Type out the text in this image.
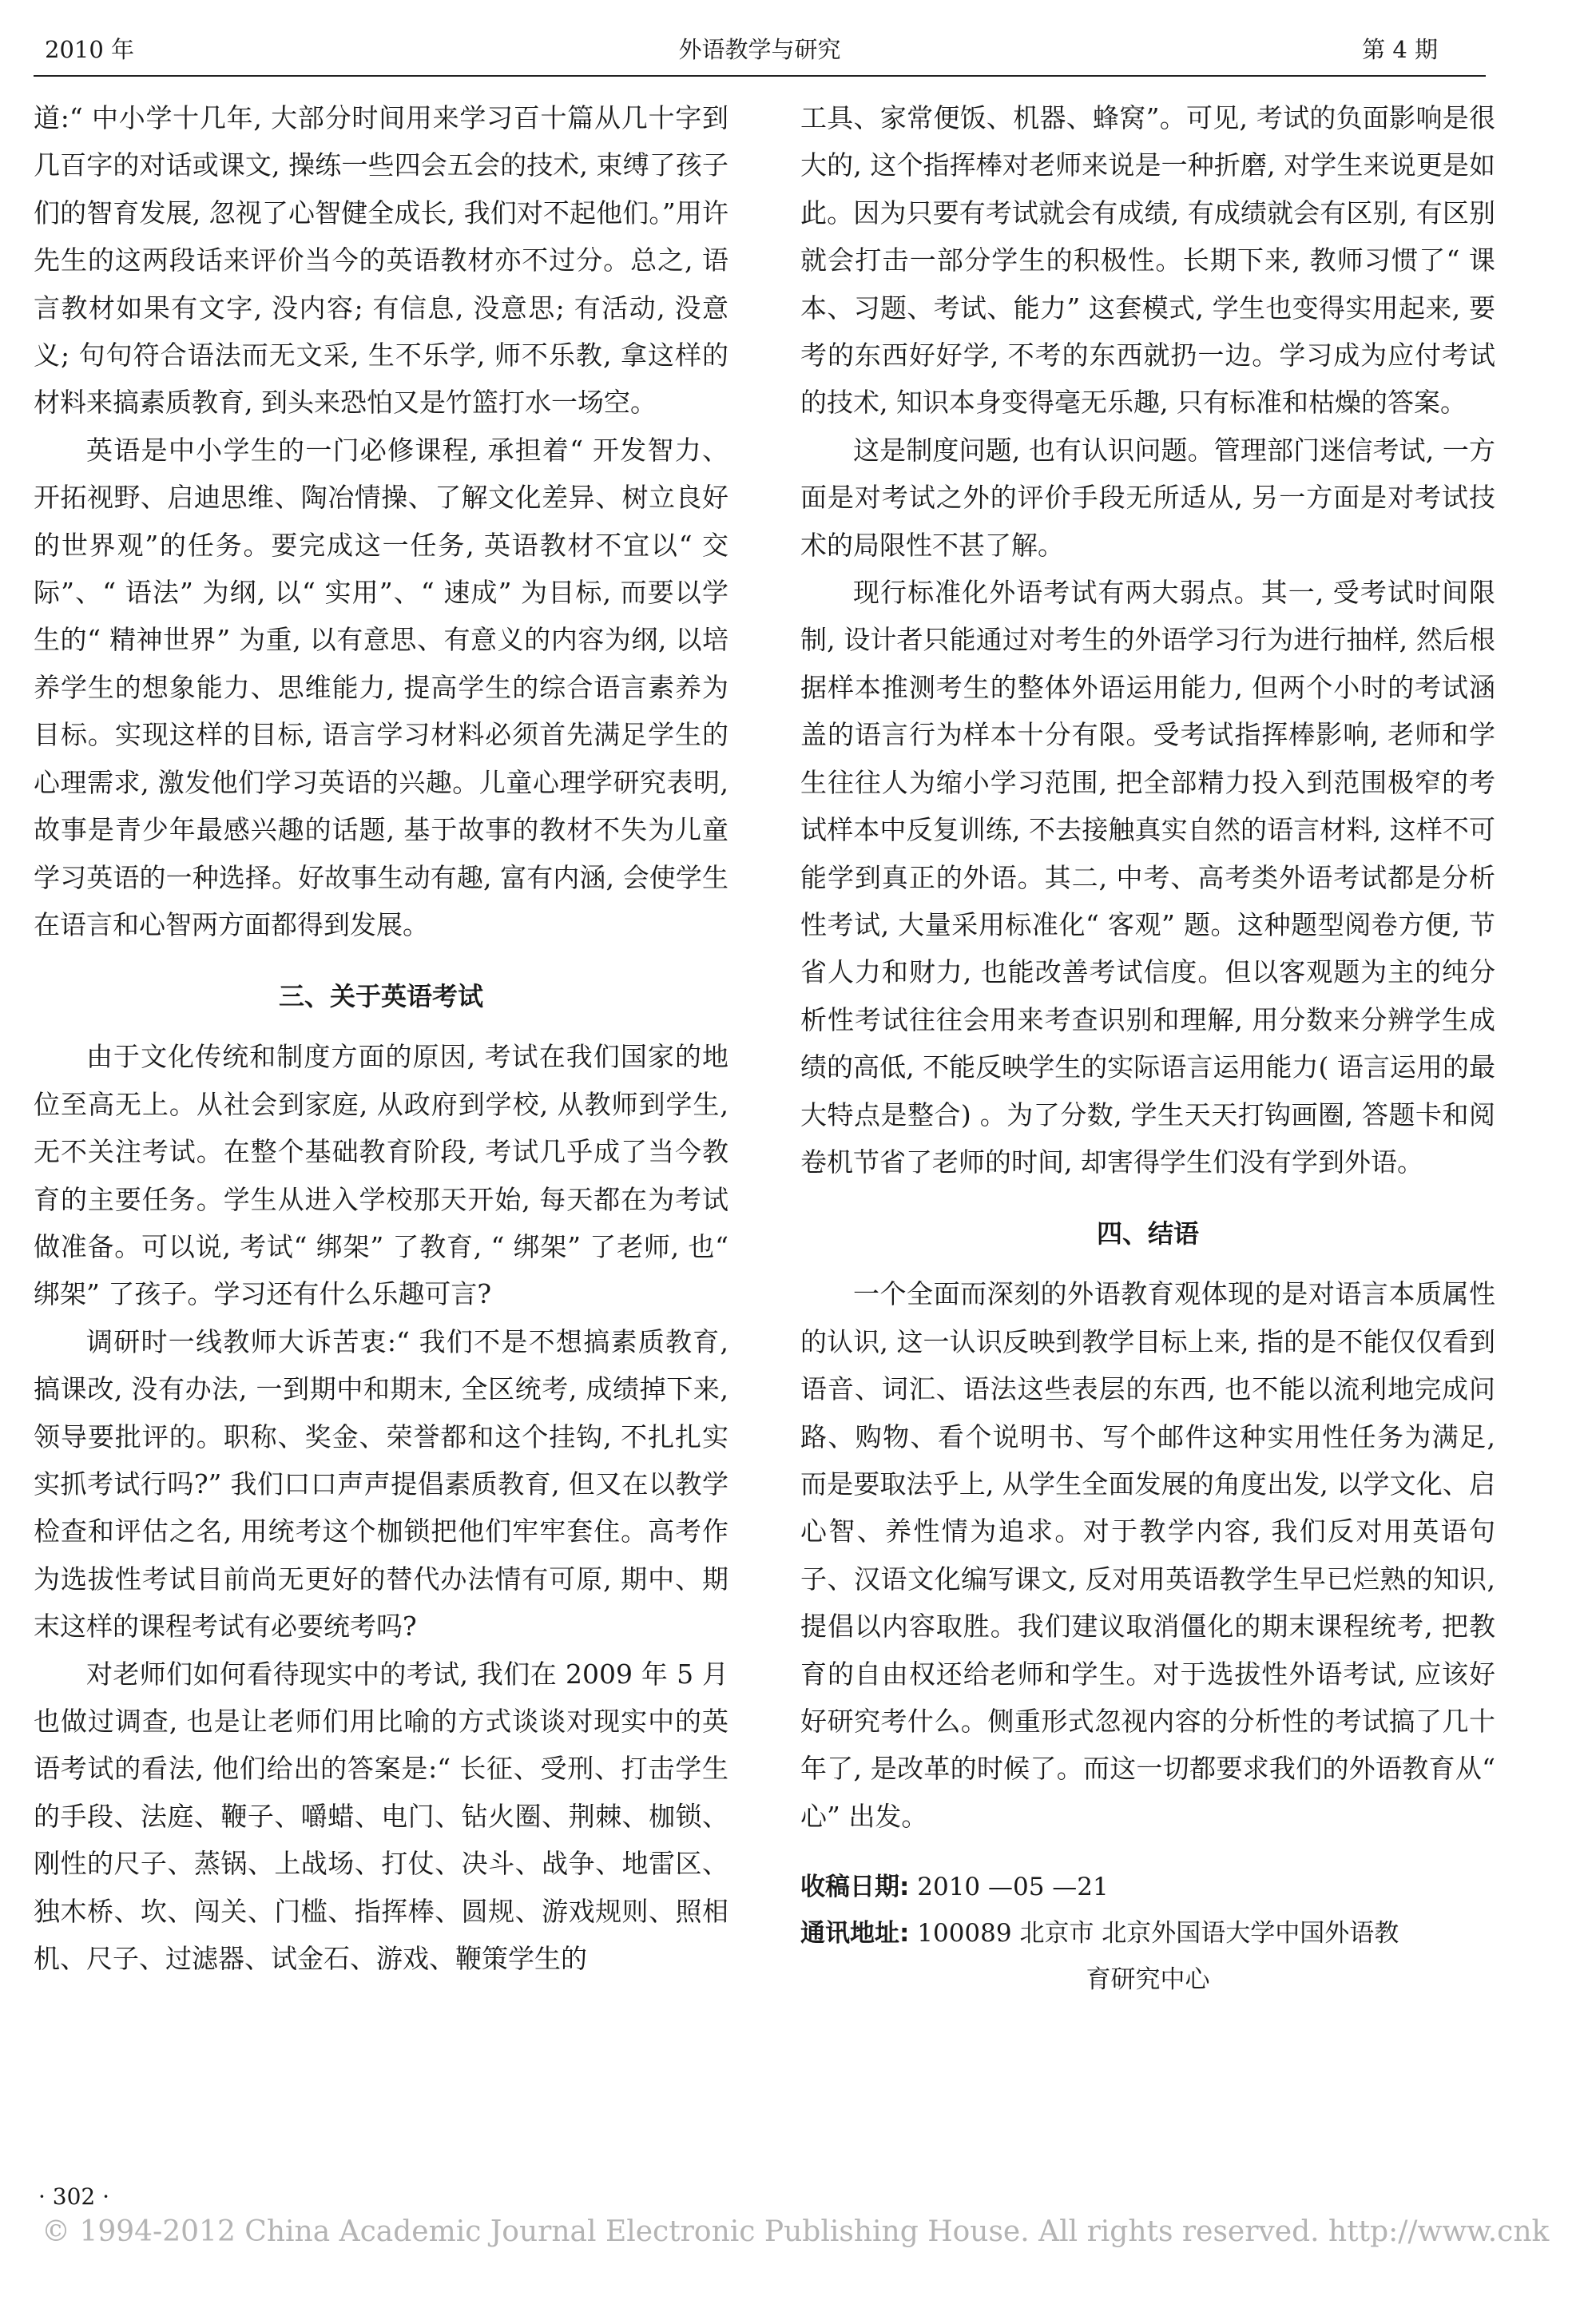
2010 年	外语教学与研究	第 4 期

道:“ 中小学十几年, 大部分时间用来学习百十篇从几十字到几百字的对话或课文, 操练一些四会五会的技术, 束缚了孩子们的智育发展, 忽视了心智健全成长, 我们对不起他们。”用许先生的这两段话来评价当今的英语教材亦不过分。总之, 语言教材如果有文字, 没内容; 有信息, 没意思; 有活动, 没意义; 句句符合语法而无文采, 生不乐学, 师不乐教, 拿这样的材料来搞素质教育, 到头来恐怕又是竹篮打水一场空。

英语是中小学生的一门必修课程, 承担着“ 开发智力、开拓视野、启迪思维、陶冶情操、了解文化差异、树立良好的世界观”的任务。要完成这一任务, 英语教材不宜以“ 交际”、“ 语法” 为纲, 以“ 实用”、“ 速成” 为目标, 而要以学生的“ 精神世界” 为重, 以有意思、有意义的内容为纲, 以培养学生的想象能力、思维能力, 提高学生的综合语言素养为目标。实现这样的目标, 语言学习材料必须首先满足学生的心理需求, 激发他们学习英语的兴趣。儿童心理学研究表明, 故事是青少年最感兴趣的话题, 基于故事的教材不失为儿童学习英语的一种选择。好故事生动有趣, 富有内涵, 会使学生在语言和心智两方面都得到发展。

三、关于英语考试

由于文化传统和制度方面的原因, 考试在我们国家的地位至高无上。从社会到家庭, 从政府到学校, 从教师到学生, 无不关注考试。在整个基础教育阶段, 考试几乎成了当今教育的主要任务。学生从进入学校那天开始, 每天都在为考试做准备。可以说, 考试“ 绑架” 了教育, “ 绑架” 了老师, 也“ 绑架” 了孩子。学习还有什么乐趣可言?

调研时一线教师大诉苦衷:“ 我们不是不想搞素质教育, 搞课改, 没有办法, 一到期中和期末, 全区统考, 成绩掉下来, 领导要批评的。职称、奖金、荣誉都和这个挂钩, 不扎扎实实抓考试行吗?” 我们口口声声提倡素质教育, 但又在以教学检查和评估之名, 用统考这个枷锁把他们牢牢套住。高考作为选拔性考试目前尚无更好的替代办法情有可原, 期中、期末这样的课程考试有必要统考吗?

对老师们如何看待现实中的考试, 我们在 2009 年 5 月也做过调查, 也是让老师们用比喻的方式谈谈对现实中的英语考试的看法, 他们给出的答案是:“ 长征、受刑、打击学生的手段、法庭、鞭子、嚼蜡、电门、钻火圈、荆棘、枷锁、刚性的尺子、蒸锅、上战场、打仗、决斗、战争、地雷区、独木桥、坎、闯关、门槛、指挥棒、圆规、游戏规则、照相机、尺子、过滤器、试金石、游戏、鞭策学生的

工具、家常便饭、机器、蜂窝”。可见, 考试的负面影响是很大的, 这个指挥棒对老师来说是一种折磨, 对学生来说更是如此。因为只要有考试就会有成绩, 有成绩就会有区别, 有区别就会打击一部分学生的积极性。长期下来, 教师习惯了“ 课本、习题、考试、能力” 这套模式, 学生也变得实用起来, 要考的东西好好学, 不考的东西就扔一边。学习成为应付考试的技术, 知识本身变得毫无乐趣, 只有标准和枯燥的答案。

这是制度问题, 也有认识问题。管理部门迷信考试, 一方面是对考试之外的评价手段无所适从, 另一方面是对考试技术的局限性不甚了解。

现行标准化外语考试有两大弱点。其一, 受考试时间限制, 设计者只能通过对考生的外语学习行为进行抽样, 然后根据样本推测考生的整体外语运用能力, 但两个小时的考试涵盖的语言行为样本十分有限。受考试指挥棒影响, 老师和学生往往人为缩小学习范围, 把全部精力投入到范围极窄的考试样本中反复训练, 不去接触真实自然的语言材料, 这样不可能学到真正的外语。其二, 中考、高考类外语考试都是分析性考试, 大量采用标准化“ 客观” 题。这种题型阅卷方便, 节省人力和财力, 也能改善考试信度。但以客观题为主的纯分析性考试往往会用来考查识别和理解, 用分数来分辨学生成绩的高低, 不能反映学生的实际语言运用能力( 语言运用的最大特点是整合) 。为了分数, 学生天天打钩画圈, 答题卡和阅卷机节省了老师的时间, 却害得学生们没有学到外语。

四、结语

一个全面而深刻的外语教育观体现的是对语言本质属性的认识, 这一认识反映到教学目标上来, 指的是不能仅仅看到语音、词汇、语法这些表层的东西, 也不能以流利地完成问路、购物、看个说明书、写个邮件这种实用性任务为满足, 而是要取法乎上, 从学生全面发展的角度出发, 以学文化、启心智、养性情为追求。对于教学内容, 我们反对用英语句子、汉语文化编写课文, 反对用英语教学生早已烂熟的知识, 提倡以内容取胜。我们建议取消僵化的期末课程统考, 把教育的自由权还给老师和学生。对于选拔性外语考试, 应该好好研究考什么。侧重形式忽视内容的分析性的考试搞了几十年了, 是改革的时候了。而这一切都要求我们的外语教育从“ 心” 出发。

收稿日期: 2010 —05 —21

通讯地址: 100089 北京市 北京外国语大学中国外语教

育研究中心

· 302 ·
© 1994-2012 China Academic Journal Electronic Publishing House. All rights reserved. http://www.cnk
